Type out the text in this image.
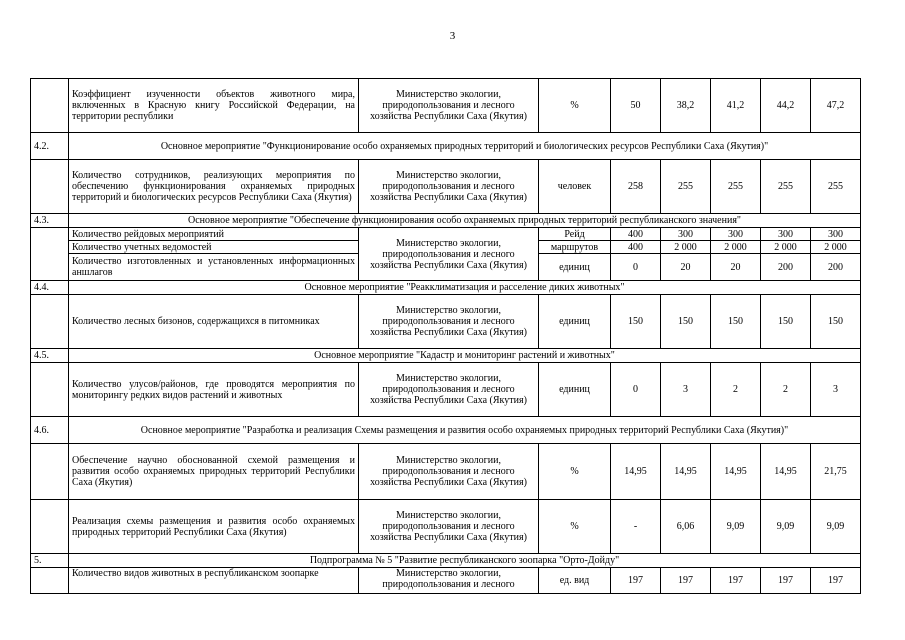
3
	Коэффициент изученности объектов животного мира, включенных в Красную книгу Российской Федерации, на территории республики	Министерство экологии, природопользования и лесного хозяйства Республики Саха (Якутия)	%	50	38,2	41,2	44,2	47,2
4.2.	Основное мероприятие "Функционирование особо охраняемых природных территорий и биологических ресурсов Республики Саха (Якутия)"							
	Количество сотрудников, реализующих мероприятия по обеспечению функционирования охраняемых природных территорий и биологических ресурсов Республики Саха (Якутия)	Министерство экологии, природопользования и лесного хозяйства Республики Саха (Якутия)	человек	258	255	255	255	255
4.3.	Основное мероприятие "Обеспечение функционирования особо охраняемых природных территорий республиканского значения"							
	Количество рейдовых мероприятий	Министерство экологии, природопользования и лесного хозяйства Республики Саха (Якутия)	Рейд	400	300	300	300	300
	Количество учетных ведомостей		маршрутов	400	2 000	2 000	2 000	2 000
	Количество изготовленных и установленных информационных аншлагов		единиц	0	20	20	200	200
4.4.	Основное мероприятие "Реакклиматизация и расселение диких животных"							
	Количество лесных бизонов, содержащихся в питомниках	Министерство экологии, природопользования и лесного хозяйства Республики Саха (Якутия)	единиц	150	150	150	150	150
4.5.	Основное мероприятие "Кадастр и мониторинг растений и животных"							
	Количество улусов/районов, где проводятся мероприятия по мониторингу редких видов растений и животных	Министерство экологии, природопользования и лесного хозяйства Республики Саха (Якутия)	единиц	0	3	2	2	3
4.6.	Основное мероприятие "Разработка и реализация Схемы размещения и развития особо охраняемых природных территорий Республики Саха (Якутия)"							
	Обеспечение научно обоснованной схемой размещения и развития особо охраняемых природных территорий Республики Саха (Якутия)	Министерство экологии, природопользования и лесного хозяйства Республики Саха (Якутия)	%	14,95	14,95	14,95	14,95	21,75
	Реализация схемы размещения и развития особо охраняемых природных территорий Республики Саха (Якутия)	Министерство экологии, природопользования и лесного хозяйства Республики Саха (Якутия)	%	-	6,06	9,09	9,09	9,09
5.	Подпрограмма № 5 "Развитие республиканского зоопарка "Орто-Дойду"							
	Количество видов животных в республиканском зоопарке	Министерство экологии, природопользования и лесного	ед. вид	197	197	197	197	197
